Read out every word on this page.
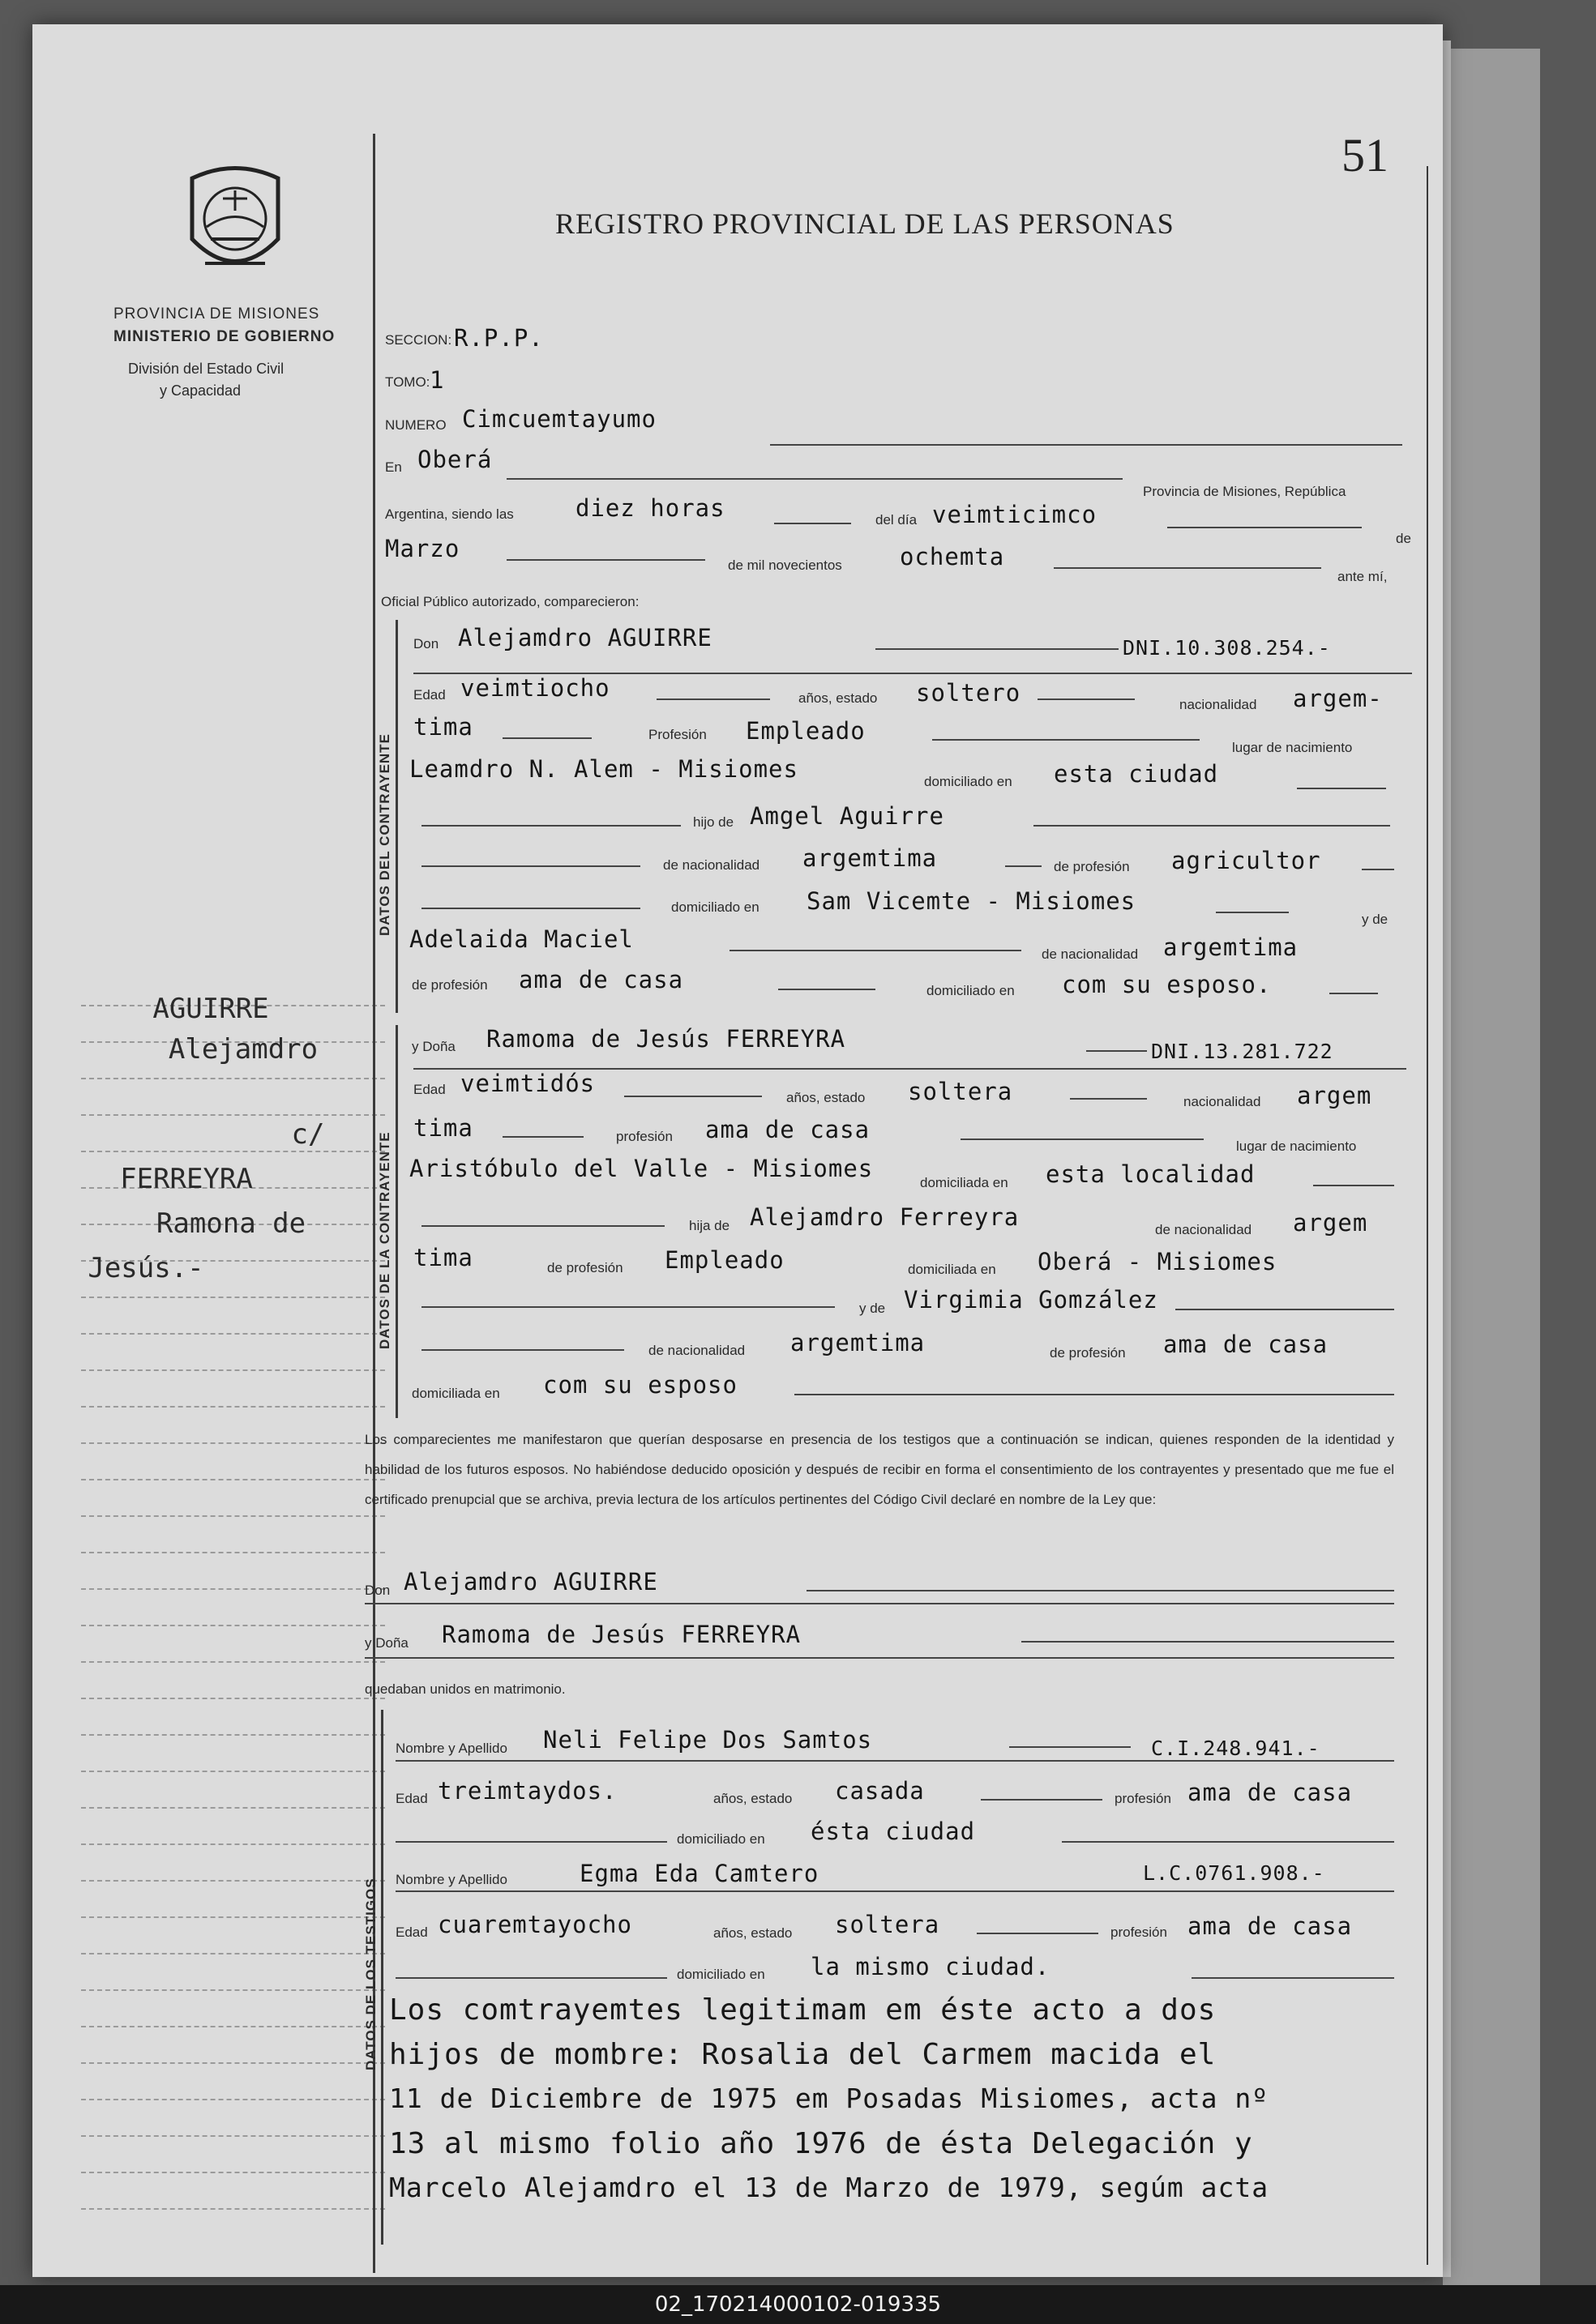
51
REGISTRO PROVINCIAL DE LAS PERSONAS
PROVINCIA DE MISIONES
MINISTERIO DE GOBIERNO
División del Estado Civil
y Capacidad
AGUIRRE
Alejamdro
c/
FERREYRA
Ramona de
Jesús.-
SECCION: R.P.P.
TOMO: 1
NUMERO Cimcuemtayumo
En Oberá
Provincia de Misiones, República
Argentina, siendo las	diez horas	del día veimticimco
de
Marzo
de mil novecientos ochemta
ante mí,
Oficial Público autorizado, comparecieron:
DATOS DEL CONTRAYENTE
Don Alejamdro AGUIRRE	DNI.10.308.254.-
Edad veimtiocho	años, estado soltero	nacionalidad argem-
tima	Profesión Empleado
lugar de nacimiento
Leamdro N. Alem - Misiomes	domiciliado en esta ciudad
hijo de Amgel Aguirre
de nacionalidad argemtima	de profesión agricultor
domiciliado en Sam Vicemte - Misiomes
y de
Adelaida Maciel
de nacionalidad argemtima
de profesión ama de casa	domiciliado en com su esposo.
DATOS DE LA CONTRAYENTE
y Doña Ramoma de Jesús FERREYRA	DNI.13.281.722
Edad veimtidós
años, estado soltera	nacionalidad argem
tima	profesión ama de casa
lugar de nacimiento
Aristóbulo del Valle - Misiomes
domiciliada en esta localidad
hija de Alejamdro Ferreyra	de nacionalidad argem
tima	de profesión Empleado	domiciliada en Oberá - Misiomes
y de Virgimia Gomzález
de nacionalidad argemtima	de profesión ama de casa
domiciliada en com su esposo
Los comparecientes me manifestaron que querían desposarse en presencia de los testigos que a continuación se indican, quienes responden de la identidad y habilidad de los futuros esposos. No habiéndose deducido oposición y después de recibir en forma el consentimiento de los contrayentes y presentado que me fue el certificado prenupcial que se archiva, previa lectura de los artículos pertinentes del Código Civil declaré en nombre de la Ley que:
Don Alejamdro AGUIRRE
y Doña Ramoma de Jesús FERREYRA
quedaban unidos en matrimonio.
DATOS DE LOS TESTIGOS
Nombre y Apellido Neli Felipe Dos Samtos	C.I.248.941.-
Edad treimtaydos.	años, estado casada	profesión ama de casa
domiciliado en ésta ciudad
Nombre y Apellido	Egma Eda Camtero	L.C.0761.908.-
Edad cuaremtayocho	años, estado soltera	profesión ama de casa
domiciliado en la mismo ciudad.
Los comtrayemtes legitimam em éste acto a dos
hijos de mombre: Rosalia del Carmem macida el
11 de Diciembre de 1975 em Posadas Misiomes, acta nº
13 al mismo folio año 1976 de ésta Delegación y
Marcelo Alejamdro el 13 de Marzo de 1979, segúm acta
02_170214000102-019335
